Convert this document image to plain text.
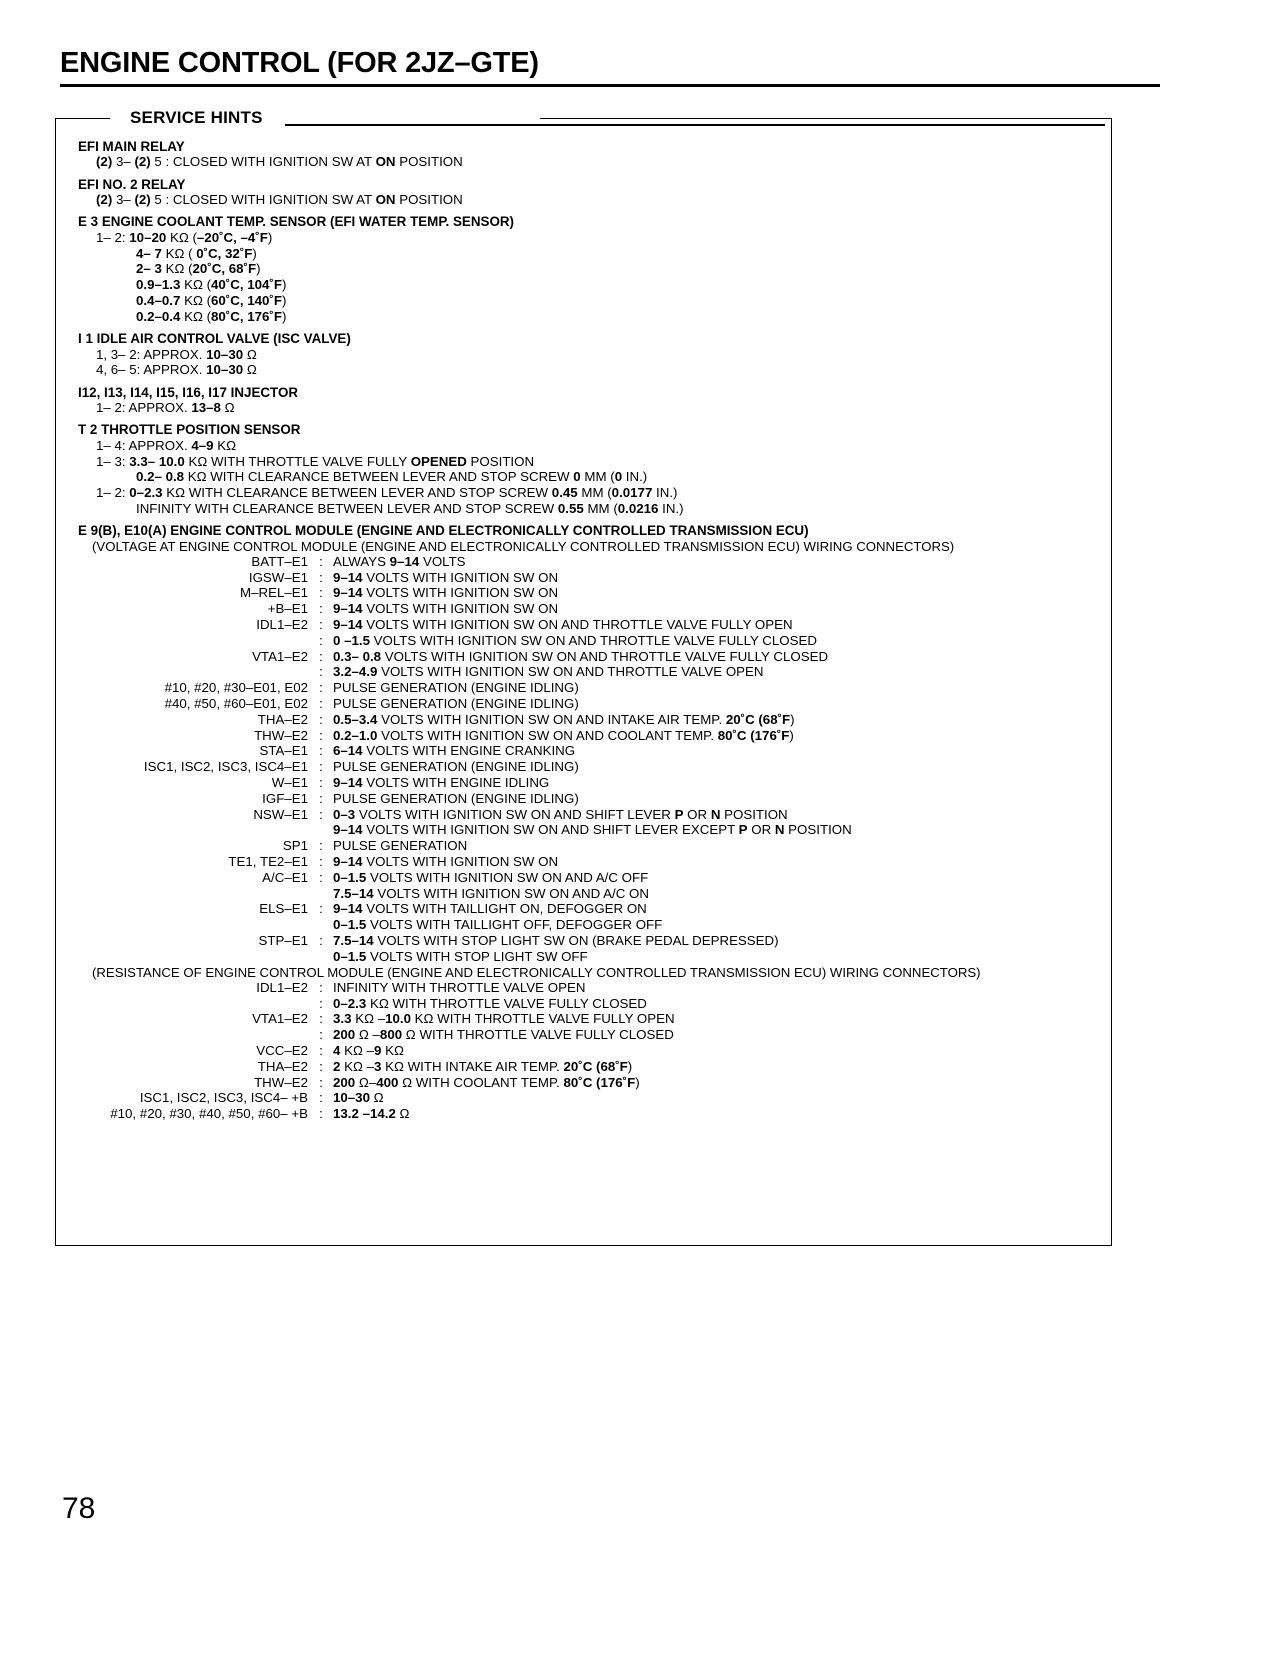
ENGINE CONTROL (FOR 2JZ–GTE)
SERVICE HINTS
EFI MAIN RELAY
(2) 3– (2) 5 : CLOSED WITH IGNITION SW AT ON POSITION
EFI NO. 2 RELAY
(2) 3– (2) 5 : CLOSED WITH IGNITION SW AT ON POSITION
E 3 ENGINE COOLANT TEMP. SENSOR (EFI WATER TEMP. SENSOR)
1– 2: 10–20 KΩ (–20˚C, –4˚F)
4– 7 KΩ ( 0˚C, 32˚F)
2– 3 KΩ (20˚C, 68˚F)
0.9–1.3 KΩ (40˚C, 104˚F)
0.4–0.7 KΩ (60˚C, 140˚F)
0.2–0.4 KΩ (80˚C, 176˚F)
I 1 IDLE AIR CONTROL VALVE (ISC VALVE)
1, 3– 2: APPROX. 10–30 Ω
4, 6– 5: APPROX. 10–30 Ω
I12, I13, I14, I15, I16, I17 INJECTOR
1– 2: APPROX. 13–8 Ω
T 2 THROTTLE POSITION SENSOR
1– 4: APPROX. 4–9 KΩ
1– 3: 3.3– 10.0 KΩ WITH THROTTLE VALVE FULLY OPENED POSITION
0.2– 0.8 KΩ WITH CLEARANCE BETWEEN LEVER AND STOP SCREW 0 MM (0 IN.)
1– 2: 0–2.3 KΩ WITH CLEARANCE BETWEEN LEVER AND STOP SCREW 0.45 MM (0.0177 IN.)
INFINITY WITH CLEARANCE BETWEEN LEVER AND STOP SCREW 0.55 MM (0.0216 IN.)
E 9(B), E10(A) ENGINE CONTROL MODULE (ENGINE AND ELECTRONICALLY CONTROLLED TRANSMISSION ECU)
(VOLTAGE AT ENGINE CONTROL MODULE (ENGINE AND ELECTRONICALLY CONTROLLED TRANSMISSION ECU) WIRING CONNECTORS)
BATT–E1	:	ALWAYS 9–14 VOLTS
IGSW–E1	:	9–14 VOLTS WITH IGNITION SW ON
M–REL–E1	:	9–14 VOLTS WITH IGNITION SW ON
+B–E1	:	9–14 VOLTS WITH IGNITION SW ON
IDL1–E2	:	9–14 VOLTS WITH IGNITION SW ON AND THROTTLE VALVE FULLY OPEN
	:	0 –1.5 VOLTS WITH IGNITION SW ON AND THROTTLE VALVE FULLY CLOSED
VTA1–E2	:	0.3– 0.8 VOLTS WITH IGNITION SW ON AND THROTTLE VALVE FULLY CLOSED
	:	3.2–4.9 VOLTS WITH IGNITION SW ON AND THROTTLE VALVE OPEN
#10, #20, #30–E01, E02	:	PULSE GENERATION (ENGINE IDLING)
#40, #50, #60–E01, E02	:	PULSE GENERATION (ENGINE IDLING)
THA–E2	:	0.5–3.4 VOLTS WITH IGNITION SW ON AND INTAKE AIR TEMP. 20˚C (68˚F)
THW–E2	:	0.2–1.0 VOLTS WITH IGNITION SW ON AND COOLANT TEMP. 80˚C (176˚F)
STA–E1	:	6–14 VOLTS WITH ENGINE CRANKING
ISC1, ISC2, ISC3, ISC4–E1	:	PULSE GENERATION (ENGINE IDLING)
W–E1	:	9–14 VOLTS WITH ENGINE IDLING
IGF–E1	:	PULSE GENERATION (ENGINE IDLING)
NSW–E1	:	0–3 VOLTS WITH IGNITION SW ON AND SHIFT LEVER P OR N POSITION
		9–14 VOLTS WITH IGNITION SW ON AND SHIFT LEVER EXCEPT P OR N POSITION
SP1	:	PULSE GENERATION
TE1, TE2–E1	:	9–14 VOLTS WITH IGNITION SW ON
A/C–E1	:	0–1.5 VOLTS WITH IGNITION SW ON AND A/C OFF
		7.5–14 VOLTS WITH IGNITION SW ON AND A/C ON
ELS–E1	:	9–14 VOLTS WITH TAILLIGHT ON, DEFOGGER ON
		0–1.5 VOLTS WITH TAILLIGHT OFF, DEFOGGER OFF
STP–E1	:	7.5–14 VOLTS WITH STOP LIGHT SW ON (BRAKE PEDAL DEPRESSED)
		0–1.5 VOLTS WITH STOP LIGHT SW OFF
(RESISTANCE OF ENGINE CONTROL MODULE (ENGINE AND ELECTRONICALLY CONTROLLED TRANSMISSION ECU) WIRING CONNECTORS)
IDL1–E2	:	INFINITY WITH THROTTLE VALVE OPEN
	:	0–2.3 KΩ WITH THROTTLE VALVE FULLY CLOSED
VTA1–E2	:	3.3 KΩ –10.0 KΩ WITH THROTTLE VALVE FULLY OPEN
	:	200 Ω –800 Ω WITH THROTTLE VALVE FULLY CLOSED
VCC–E2	:	4 KΩ –9 KΩ
THA–E2	:	2 KΩ –3 KΩ WITH INTAKE AIR TEMP. 20˚C (68˚F)
THW–E2	:	200 Ω–400 Ω WITH COOLANT TEMP. 80˚C (176˚F)
ISC1, ISC2, ISC3, ISC4– +B	:	10–30 Ω
#10, #20, #30, #40, #50, #60– +B	:	13.2 –14.2 Ω
78
